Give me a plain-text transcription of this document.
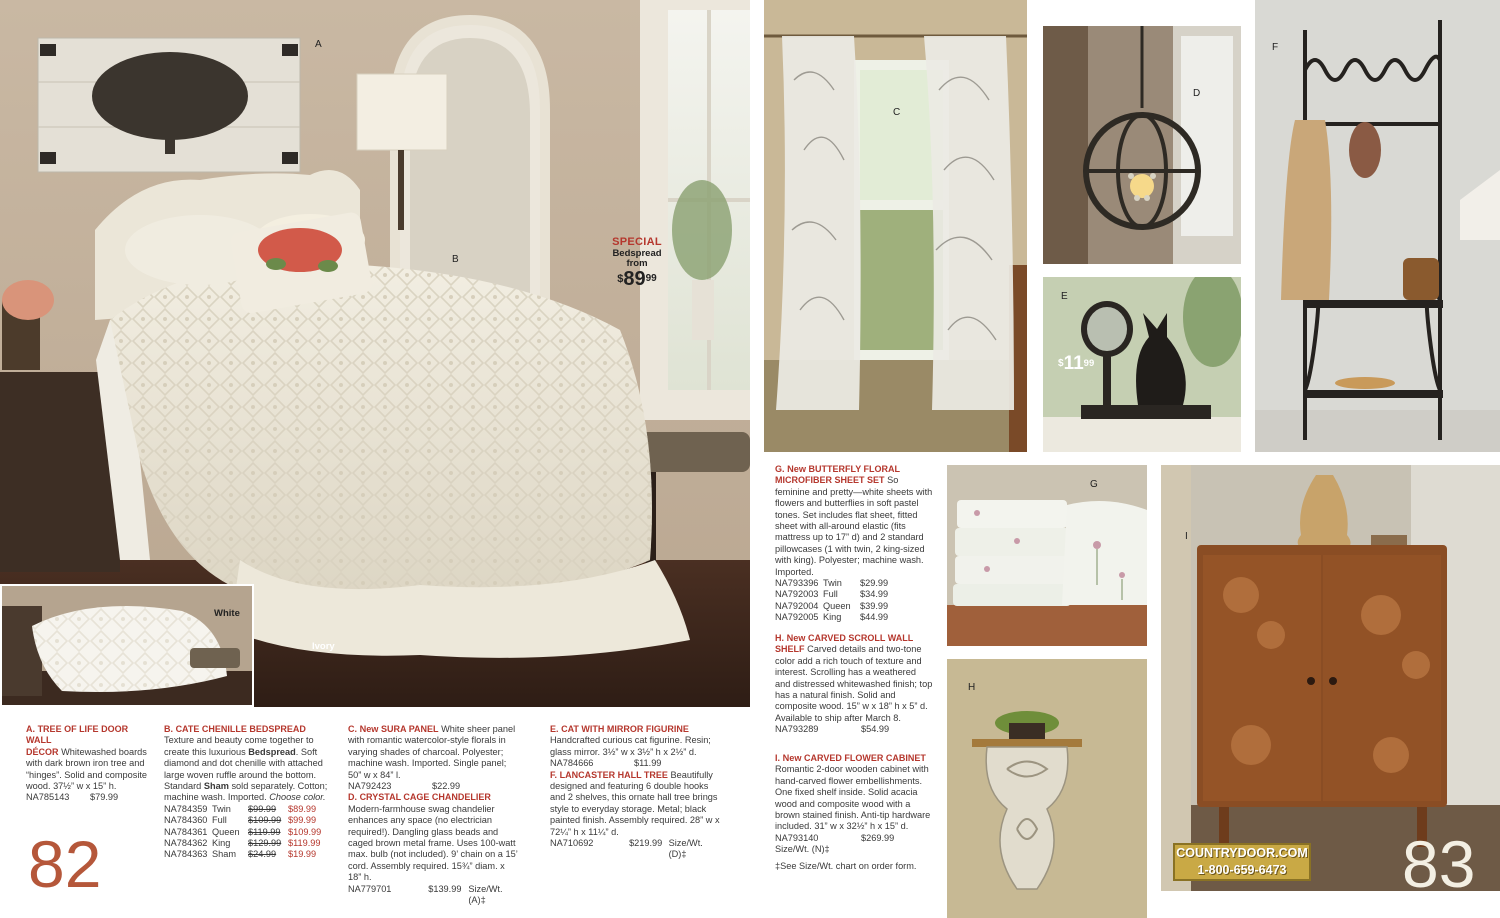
A
B
SPECIAL
Bedspread
from
$^{\$}89^{99}$
White
Ivory
C
D
E
$^{\$}11^{99}$
F
G
H
I
COUNTRYDOOR.COM
1-800-659-6473
82	83
A. TREE OF LIFE DOOR WALL
DÉCOR Whitewashed boards with dark brown iron tree and “hinges”. Solid and composite wood. 37½” w x 15” h.
NA785143	$79.99
B. CATE CHENILLE BEDSPREAD Texture and beauty come together to create this luxurious Bedspread. Soft diamond and dot chenille with attached large woven ruffle around the bottom. Standard Sham sold separately. Cotton; machine wash. Imported. Choose color.
NA784359 Twin	$99.99	$89.99
NA784360 Full	$109.99 $99.99
NA784361 Queen $119.99 $109.99
NA784362 King	$129.99 $119.99
NA784363 Sham	$24.99	$19.99
C. New SURA PANEL White sheer panel with romantic watercolor-style florals in varying shades of charcoal. Polyester; machine wash. Imported. Single panel; 50” w x 84” l.
NA792423	$22.99
D. CRYSTAL CAGE CHANDELIER
Modern-farmhouse swag chandelier enhances any space (no electrician required!). Dangling glass beads and caged brown metal frame. Uses 100-watt max. bulb (not included). 9’ chain on a 15’ cord. Assembly required. 15¾” diam. x 18” h.
NA779701	$139.99 Size/Wt. (A)‡
E. CAT WITH MIRROR FIGURINE
Handcrafted curious cat figurine. Resin; glass mirror. 3½” w x 3½” h x 2½” d.
NA784666	$11.99
F. LANCASTER HALL TREE Beautifully designed and featuring 6 double hooks and 2 shelves, this ornate hall tree brings style to everyday storage. Metal; black painted finish. Assembly required. 28” w x 72¼” h x 11¼” d.
NA710692	$219.99 Size/Wt. (D)‡
G. New BUTTERFLY FLORAL MICROFIBER SHEET SET So feminine and pretty—white sheets with flowers and butterflies in soft pastel tones. Set includes flat sheet, fitted sheet with all-around elastic (fits mattress up to 17” d) and 2 standard pillowcases (1 with twin, 2 king-sized with king). Polyester; machine wash. Imported.
NA793396 Twin	$29.99
NA792003 Full	$34.99
NA792004 Queen	$39.99
NA792005 King	$44.99
H. New CARVED SCROLL WALL SHELF Carved details and two-tone color add a rich touch of texture and interest. Scrolling has a weathered and distressed whitewashed finish; top has a natural finish. Solid and composite wood. 15” w x 18” h x 5” d. Available to ship after March 8.
NA793289	$54.99
I. New CARVED FLOWER CABINET Romantic 2-door wooden cabinet with hand-carved flower embellishments. One fixed shelf inside. Solid acacia wood and composite wood with a brown stained finish. Anti-tip hardware included. 31” w x 32½” h x 15” d.
NA793140	$269.99
Size/Wt. (N)‡
‡See Size/Wt. chart on order form.
